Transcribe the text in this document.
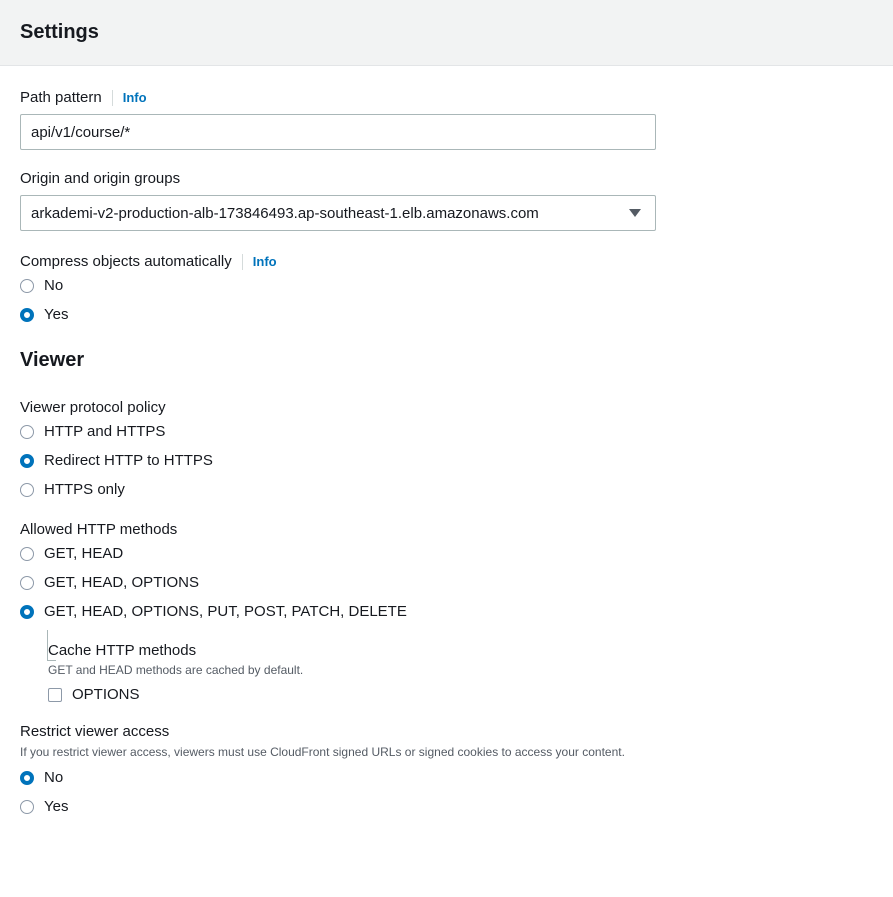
Settings
Path pattern Info
api/v1/course/*
Origin and origin groups
arkademi-v2-production-alb-173846493.ap-southeast-1.elb.amazonaws.com
Compress objects automatically Info
No
Yes
Viewer
Viewer protocol policy
HTTP and HTTPS
Redirect HTTP to HTTPS
HTTPS only
Allowed HTTP methods
GET, HEAD
GET, HEAD, OPTIONS
GET, HEAD, OPTIONS, PUT, POST, PATCH, DELETE
Cache HTTP methods
GET and HEAD methods are cached by default.
OPTIONS
Restrict viewer access
If you restrict viewer access, viewers must use CloudFront signed URLs or signed cookies to access your content.
No
Yes
